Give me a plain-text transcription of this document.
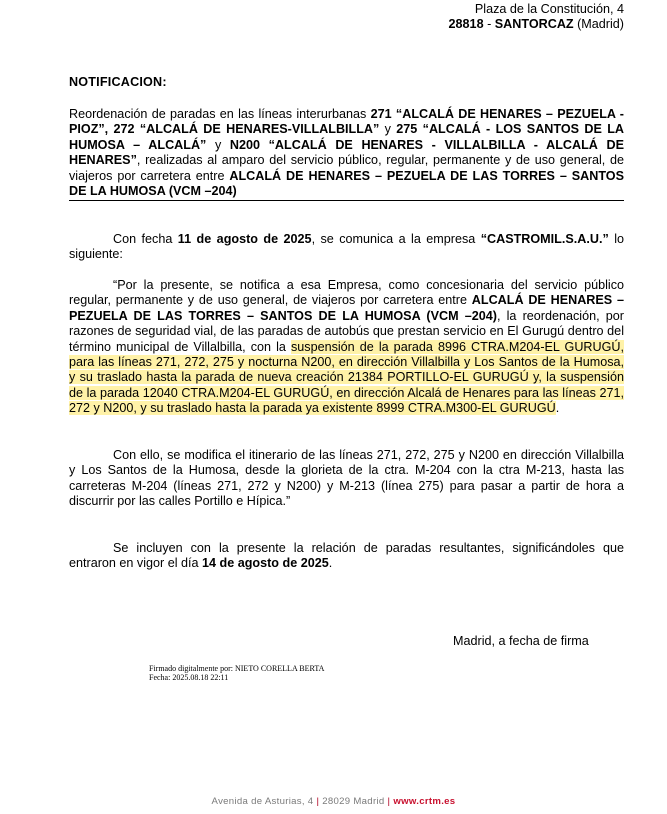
Plaza de la Constitución, 4
28818 - SANTORCAZ (Madrid)
NOTIFICACION:
Reordenación de paradas en las líneas interurbanas 271 “ALCALÁ DE HENARES – PEZUELA - PIOZ”, 272 “ALCALÁ DE HENARES-VILLALBILLA” y 275 “ALCALÁ - LOS SANTOS DE LA HUMOSA – ALCALÁ” y N200 “ALCALÁ DE HENARES - VILLALBILLA - ALCALÁ DE HENARES”, realizadas al amparo del servicio público, regular, permanente y de uso general, de viajeros por carretera entre ALCALÁ DE HENARES – PEZUELA DE LAS TORRES – SANTOS DE LA HUMOSA (VCM –204)
Con fecha 11 de agosto de 2025, se comunica a la empresa “CASTROMIL.S.A.U.” lo siguiente:
“Por la presente, se notifica a esa Empresa, como concesionaria del servicio público regular, permanente y de uso general, de viajeros por carretera entre ALCALÁ DE HENARES – PEZUELA DE LAS TORRES – SANTOS DE LA HUMOSA (VCM –204), la reordenación, por razones de seguridad vial, de las paradas de autobús que prestan servicio en El Gurugú dentro del término municipal de Villalbilla, con la suspensión de la parada 8996 CTRA.M204-EL GURUGÚ, para las líneas 271, 272, 275 y nocturna N200, en dirección Villalbilla y Los Santos de la Humosa, y su traslado hasta la parada de nueva creación 21384 PORTILLO-EL GURUGÚ y, la suspensión de la parada 12040 CTRA.M204-EL GURUGÚ, en dirección Alcalá de Henares para las líneas 271, 272 y N200, y su traslado hasta la parada ya existente 8999 CTRA.M300-EL GURUGÚ.
Con ello, se modifica el itinerario de las líneas 271, 272, 275 y N200 en dirección Villalbilla y Los Santos de la Humosa, desde la glorieta de la ctra. M-204 con la ctra M-213, hasta las carreteras M-204 (líneas 271, 272 y N200) y M-213 (línea 275) para pasar a partir de hora a discurrir por las calles Portillo e Hípica.”
Se incluyen con la presente la relación de paradas resultantes, significándoles que entraron en vigor el día 14 de agosto de 2025.
Madrid, a fecha de firma
Firmado digitalmente por: NIETO CORELLA BERTA
Fecha: 2025.08.18 22:11
Avenida de Asturias, 4 | 28029 Madrid | www.crtm.es
